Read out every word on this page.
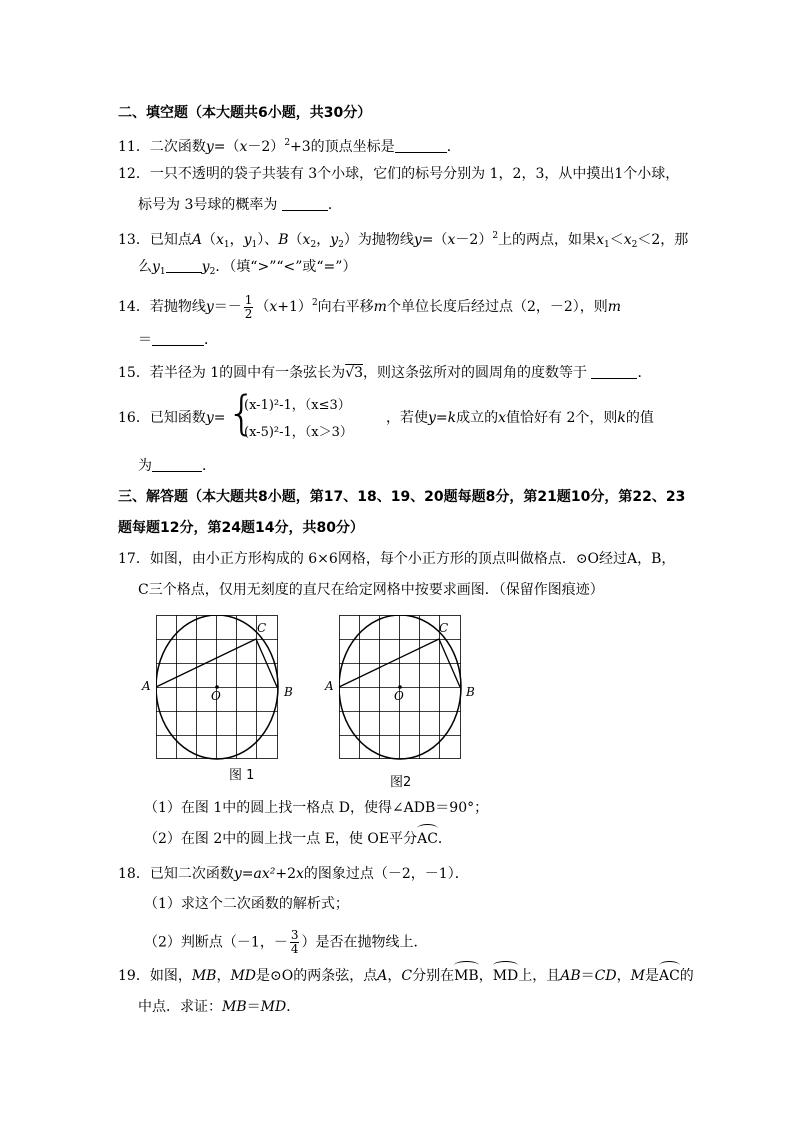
二、填空题（本大题共6小题，共30分）
11．二次函数$y=(x-2)^2+3$的顶点坐标是	．
12．一只不透明的袋子共装有 3个小球，它们的标号分别为 1，2，3，从中摸出1个小球，
标号为 3号球的概率为	．
13．已知点$A(x_1$，$y_1$）、$B(x_2$，$y_2$）为抛物线$y=(x-2)^2$上的两点，如果$x_1<x_2<2$，那
么$y_1$	$y_2$．（填“>”“<”或“=”）
14．若抛物线$y=- \frac{1}{2} (x+1)^2$向右平移m个单位长度后经过点（2，－2），则m
＝	．
15．若半径为 1的圆中有一条弦长为√3，则这条弦所对的圆周角的度数等于	．
16．已知函数y= {
(x-1)²-1，（x≤3）
(x-5)²-1，（x＞3）
，若使y=k成立的x值恰好有 2个，则k的值
为	．
三、解答题（本大题共8小题，第17、18、19、20题每题8分，第21题10分，第22、23
题每题12分，第24题14分，共80分）
17．如图，由小正方形构成的 6×6网格，每个小正方形的顶点叫做格点．⊙O经过A，B，
C三个格点，仅用无刻度的直尺在给定网格中按要求画图．（保留作图痕迹）
A	B
C
O
图 1
A	B
C
O
图2
（1）在图 1中的圆上找一格点 D，使得∠ADB＝90°；
（2）在图 2中的圆上找一点 E，使 OE平分AC．
18．已知二次函数y=ax²+2x的图象过点（－2，－1）．
（1）求这个二次函数的解析式；
（2）判断点（－1，－ $\frac{3}{4}$ ）是否在抛物线上．
19．如图，MB，MD是⊙O的两条弦，点A，C分别在MB，MD上，且AB＝CD，M是AC的
中点．求证：MB＝MD．
